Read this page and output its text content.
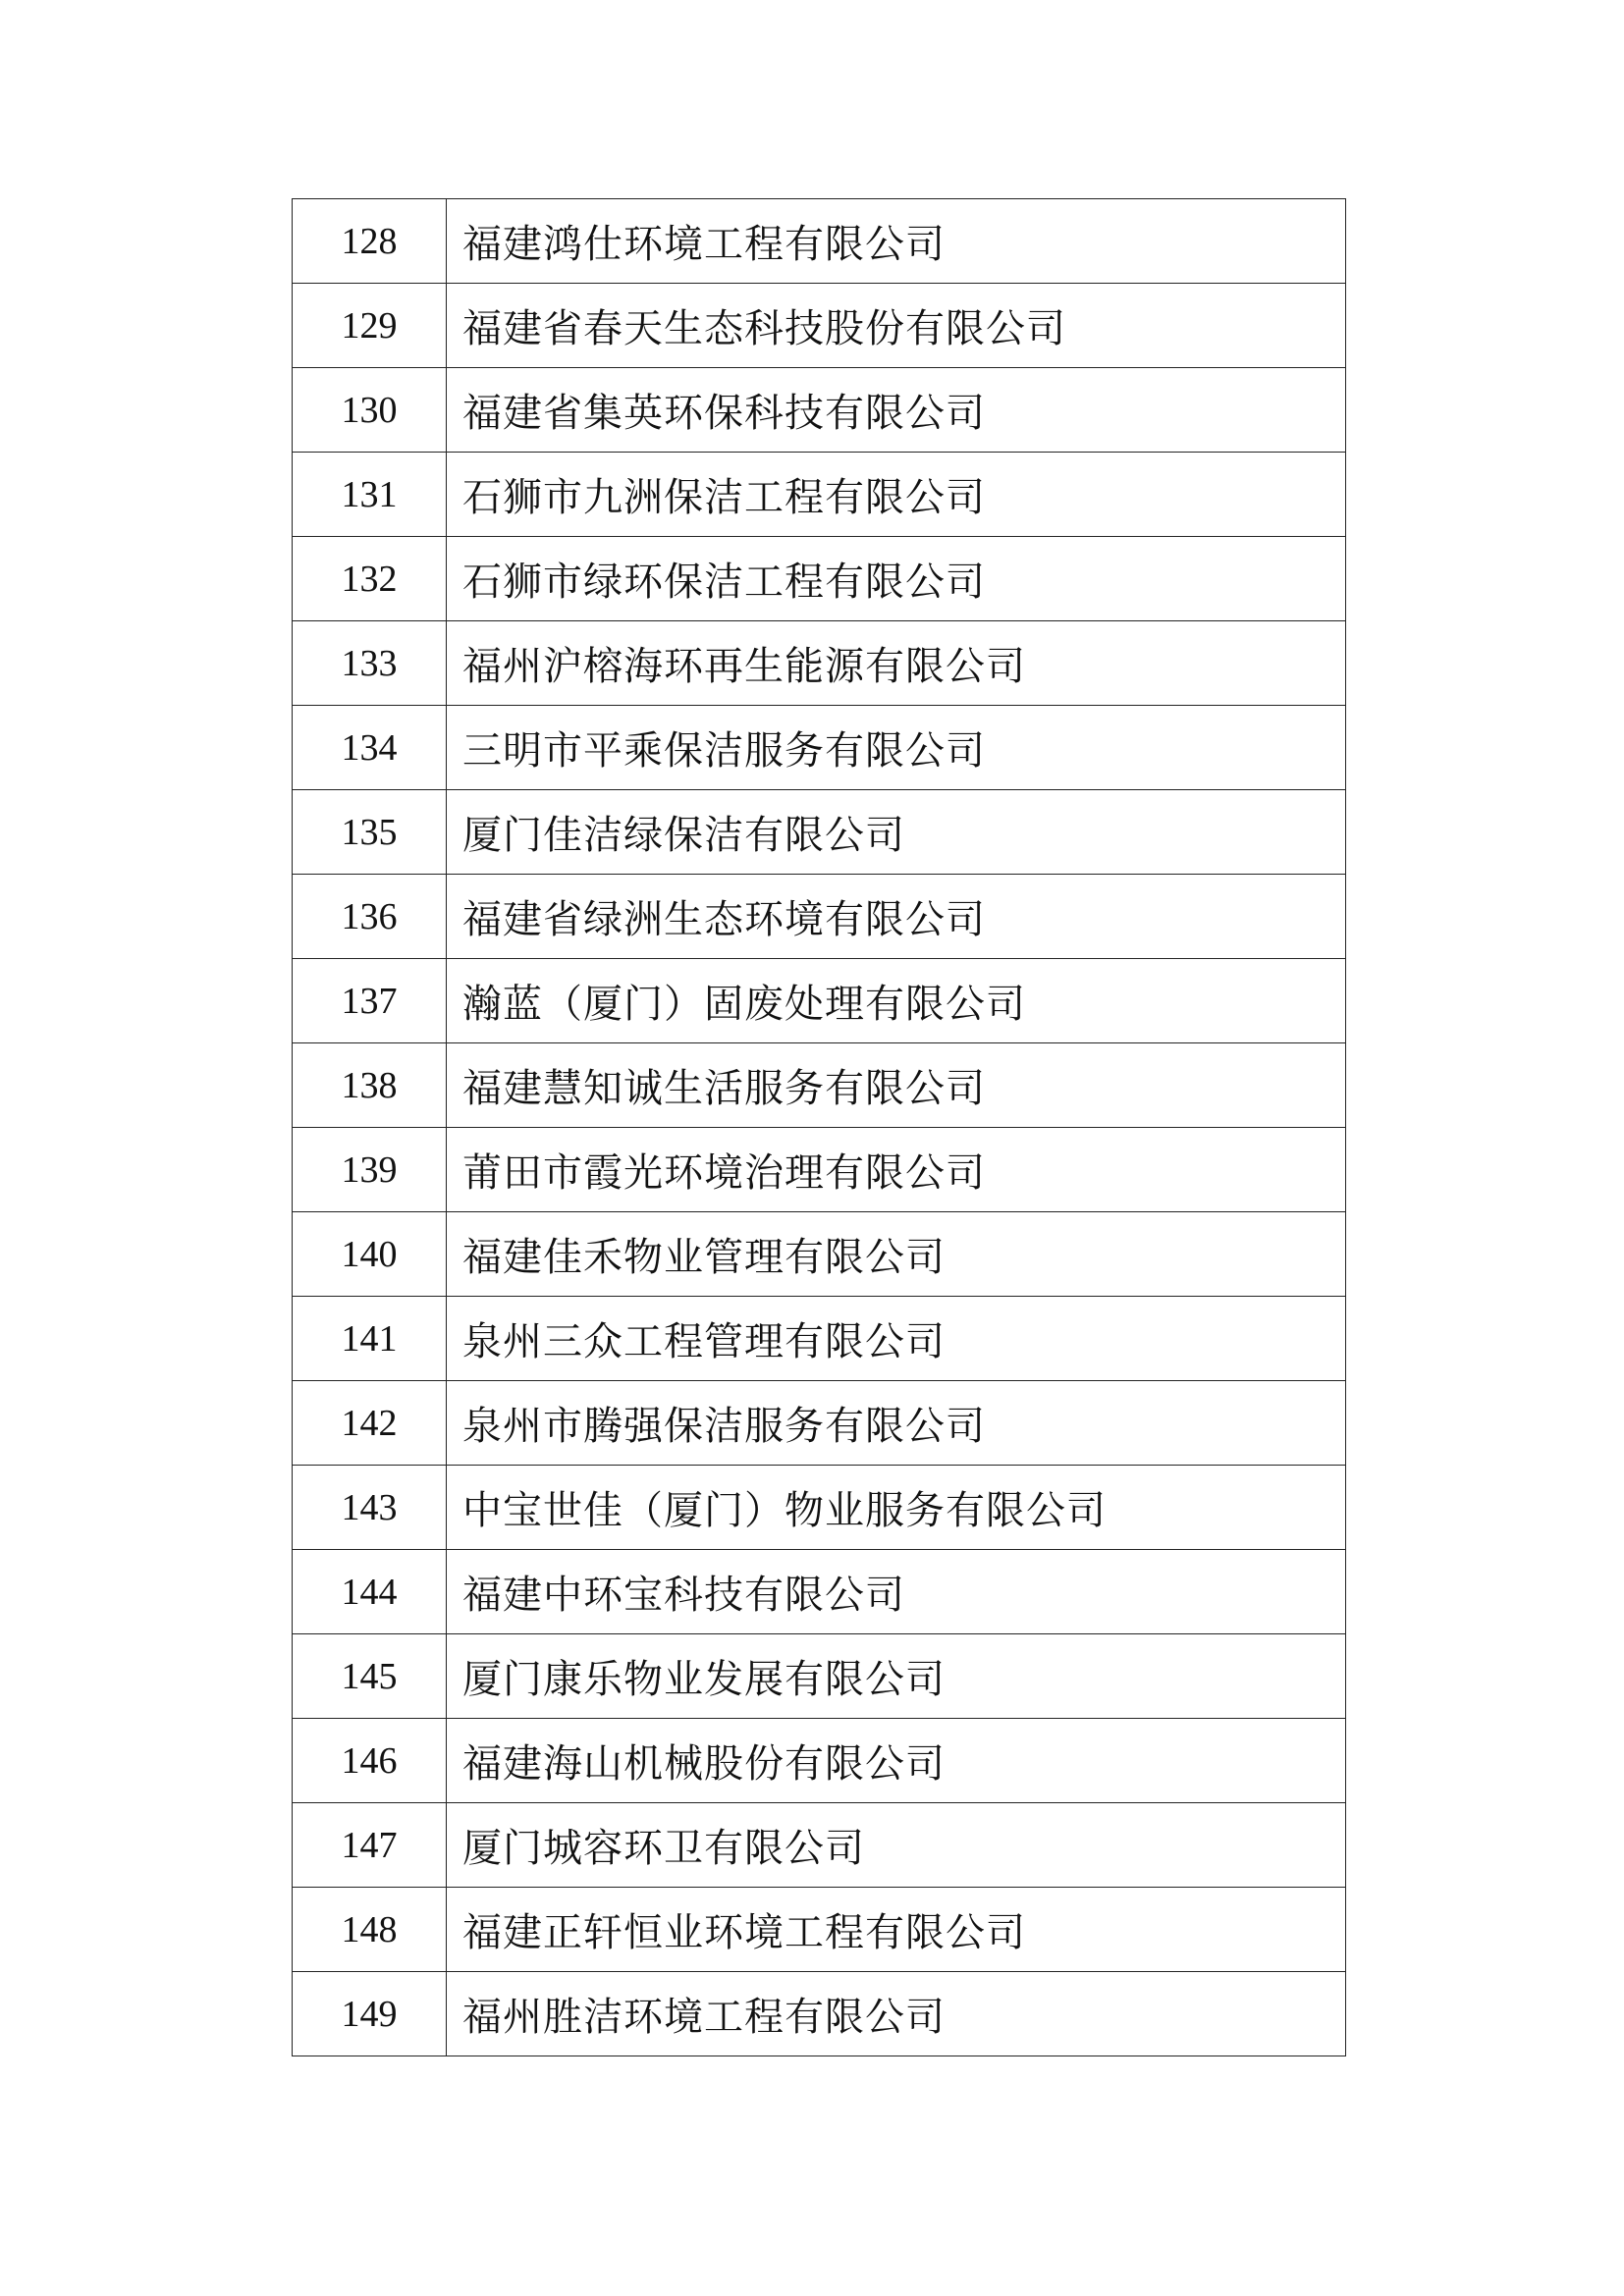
128	福建鸿仕环境工程有限公司
129	福建省春天生态科技股份有限公司
130	福建省集英环保科技有限公司
131	石狮市九洲保洁工程有限公司
132	石狮市绿环保洁工程有限公司
133	福州沪榕海环再生能源有限公司
134	三明市平乘保洁服务有限公司
135	厦门佳洁绿保洁有限公司
136	福建省绿洲生态环境有限公司
137	瀚蓝（厦门）固废处理有限公司
138	福建慧知诚生活服务有限公司
139	莆田市霞光环境治理有限公司
140	福建佳禾物业管理有限公司
141	泉州三众工程管理有限公司
142	泉州市腾强保洁服务有限公司
143	中宝世佳（厦门）物业服务有限公司
144	福建中环宝科技有限公司
145	厦门康乐物业发展有限公司
146	福建海山机械股份有限公司
147	厦门城容环卫有限公司
148	福建正轩恒业环境工程有限公司
149	福州胜洁环境工程有限公司
